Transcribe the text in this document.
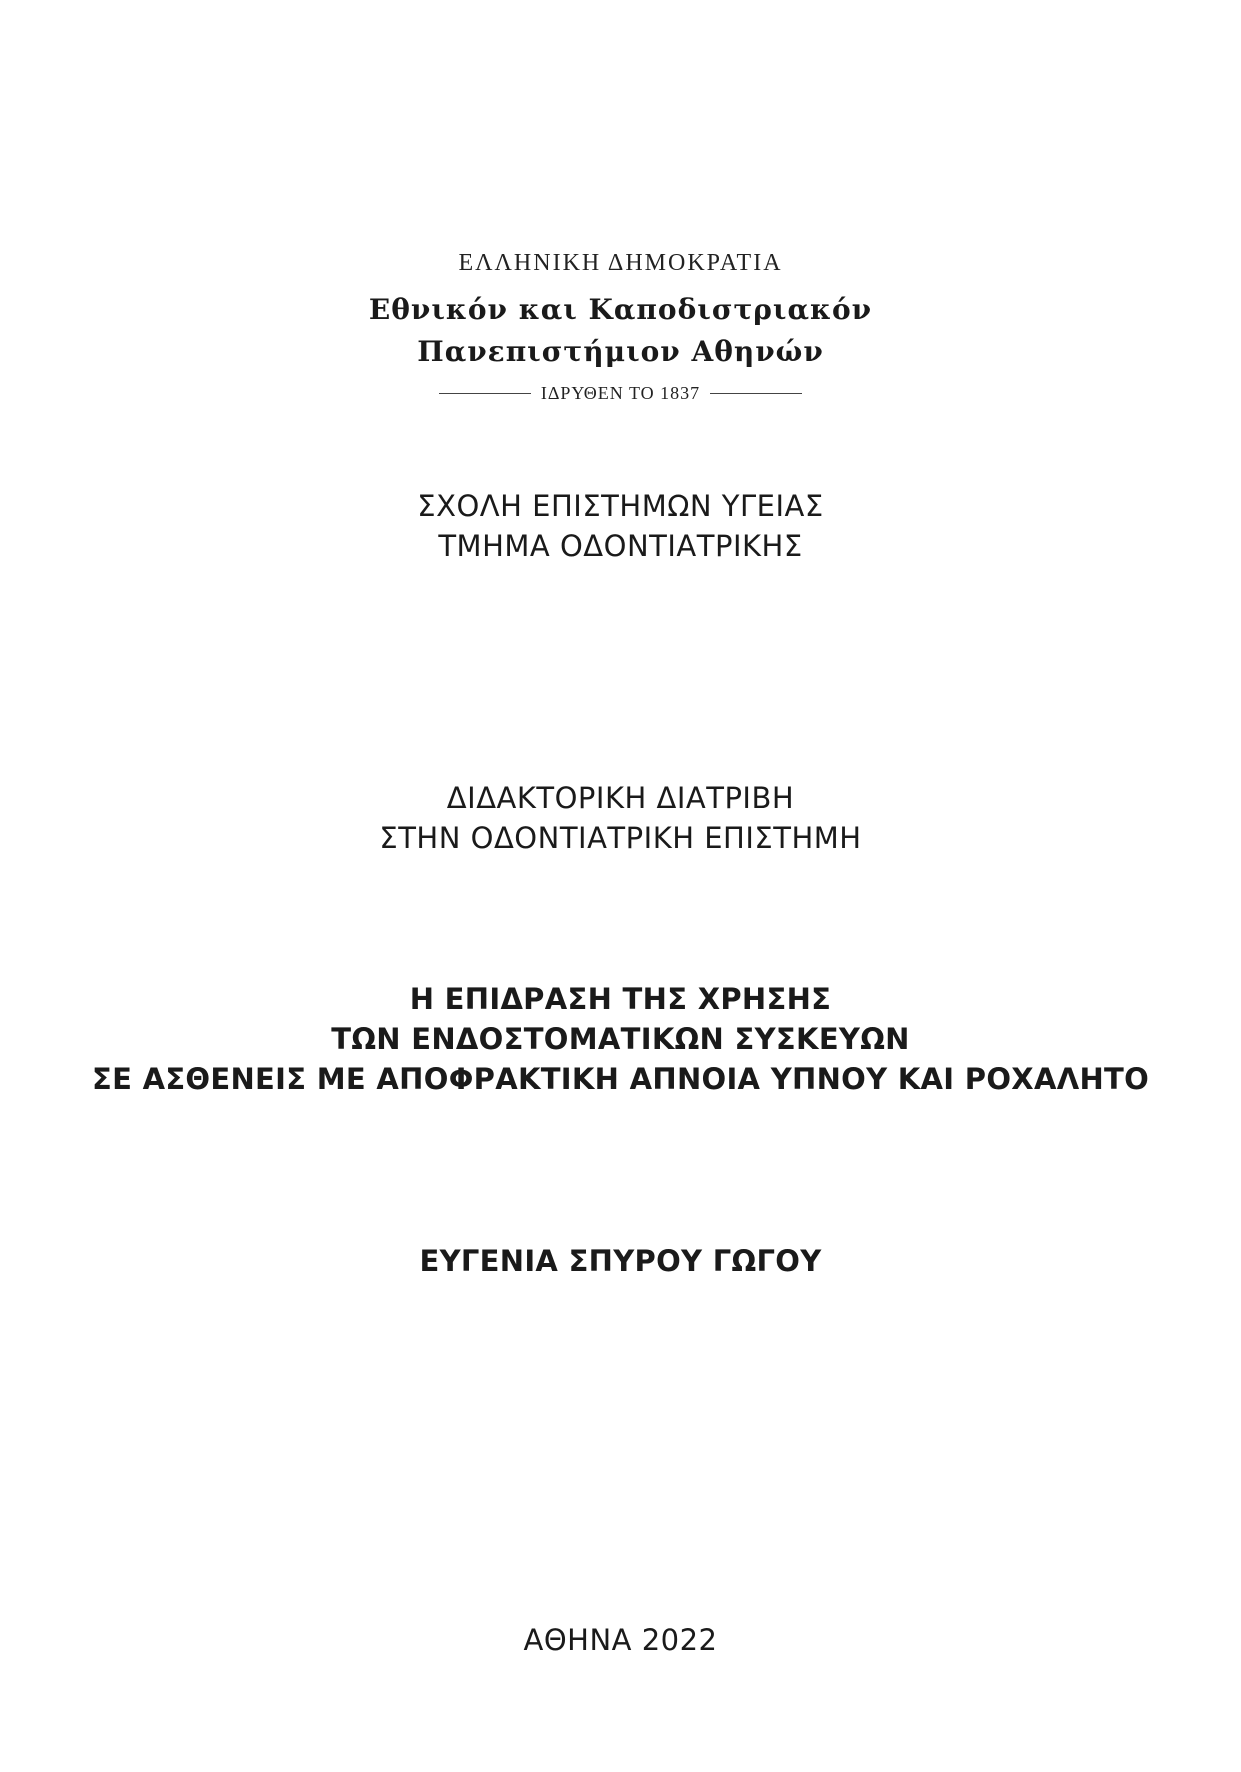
ΕΛΛΗΝΙΚΗ ΔΗΜΟΚΡΑΤΙΑ
Εθνικόν και Καποδιστριακόν
Πανεπιστήμιον Αθηνών
ΙΔΡΥΘΕΝ ΤΟ 1837
ΣΧΟΛΗ ΕΠΙΣΤΗΜΩΝ ΥΓΕΙΑΣ
ΤΜΗΜΑ ΟΔΟΝΤΙΑΤΡΙΚΗΣ
ΔΙΔΑΚΤΟΡΙΚΗ ΔΙΑΤΡΙΒΗ
ΣΤΗΝ ΟΔΟΝΤΙΑΤΡΙΚΗ ΕΠΙΣΤΗΜΗ
Η ΕΠΙΔΡΑΣΗ ΤΗΣ ΧΡΗΣΗΣ
ΤΩΝ ΕΝΔΟΣΤΟΜΑΤΙΚΩΝ ΣΥΣΚΕΥΩΝ
ΣΕ ΑΣΘΕΝΕΙΣ ΜΕ ΑΠΟΦΡΑΚΤΙΚΗ ΑΠΝΟΙΑ ΥΠΝΟΥ ΚΑΙ ΡΟΧΑΛΗΤΟ
ΕΥΓΕΝΙΑ ΣΠΥΡΟΥ ΓΩΓΟΥ
ΑΘΗΝΑ 2022
